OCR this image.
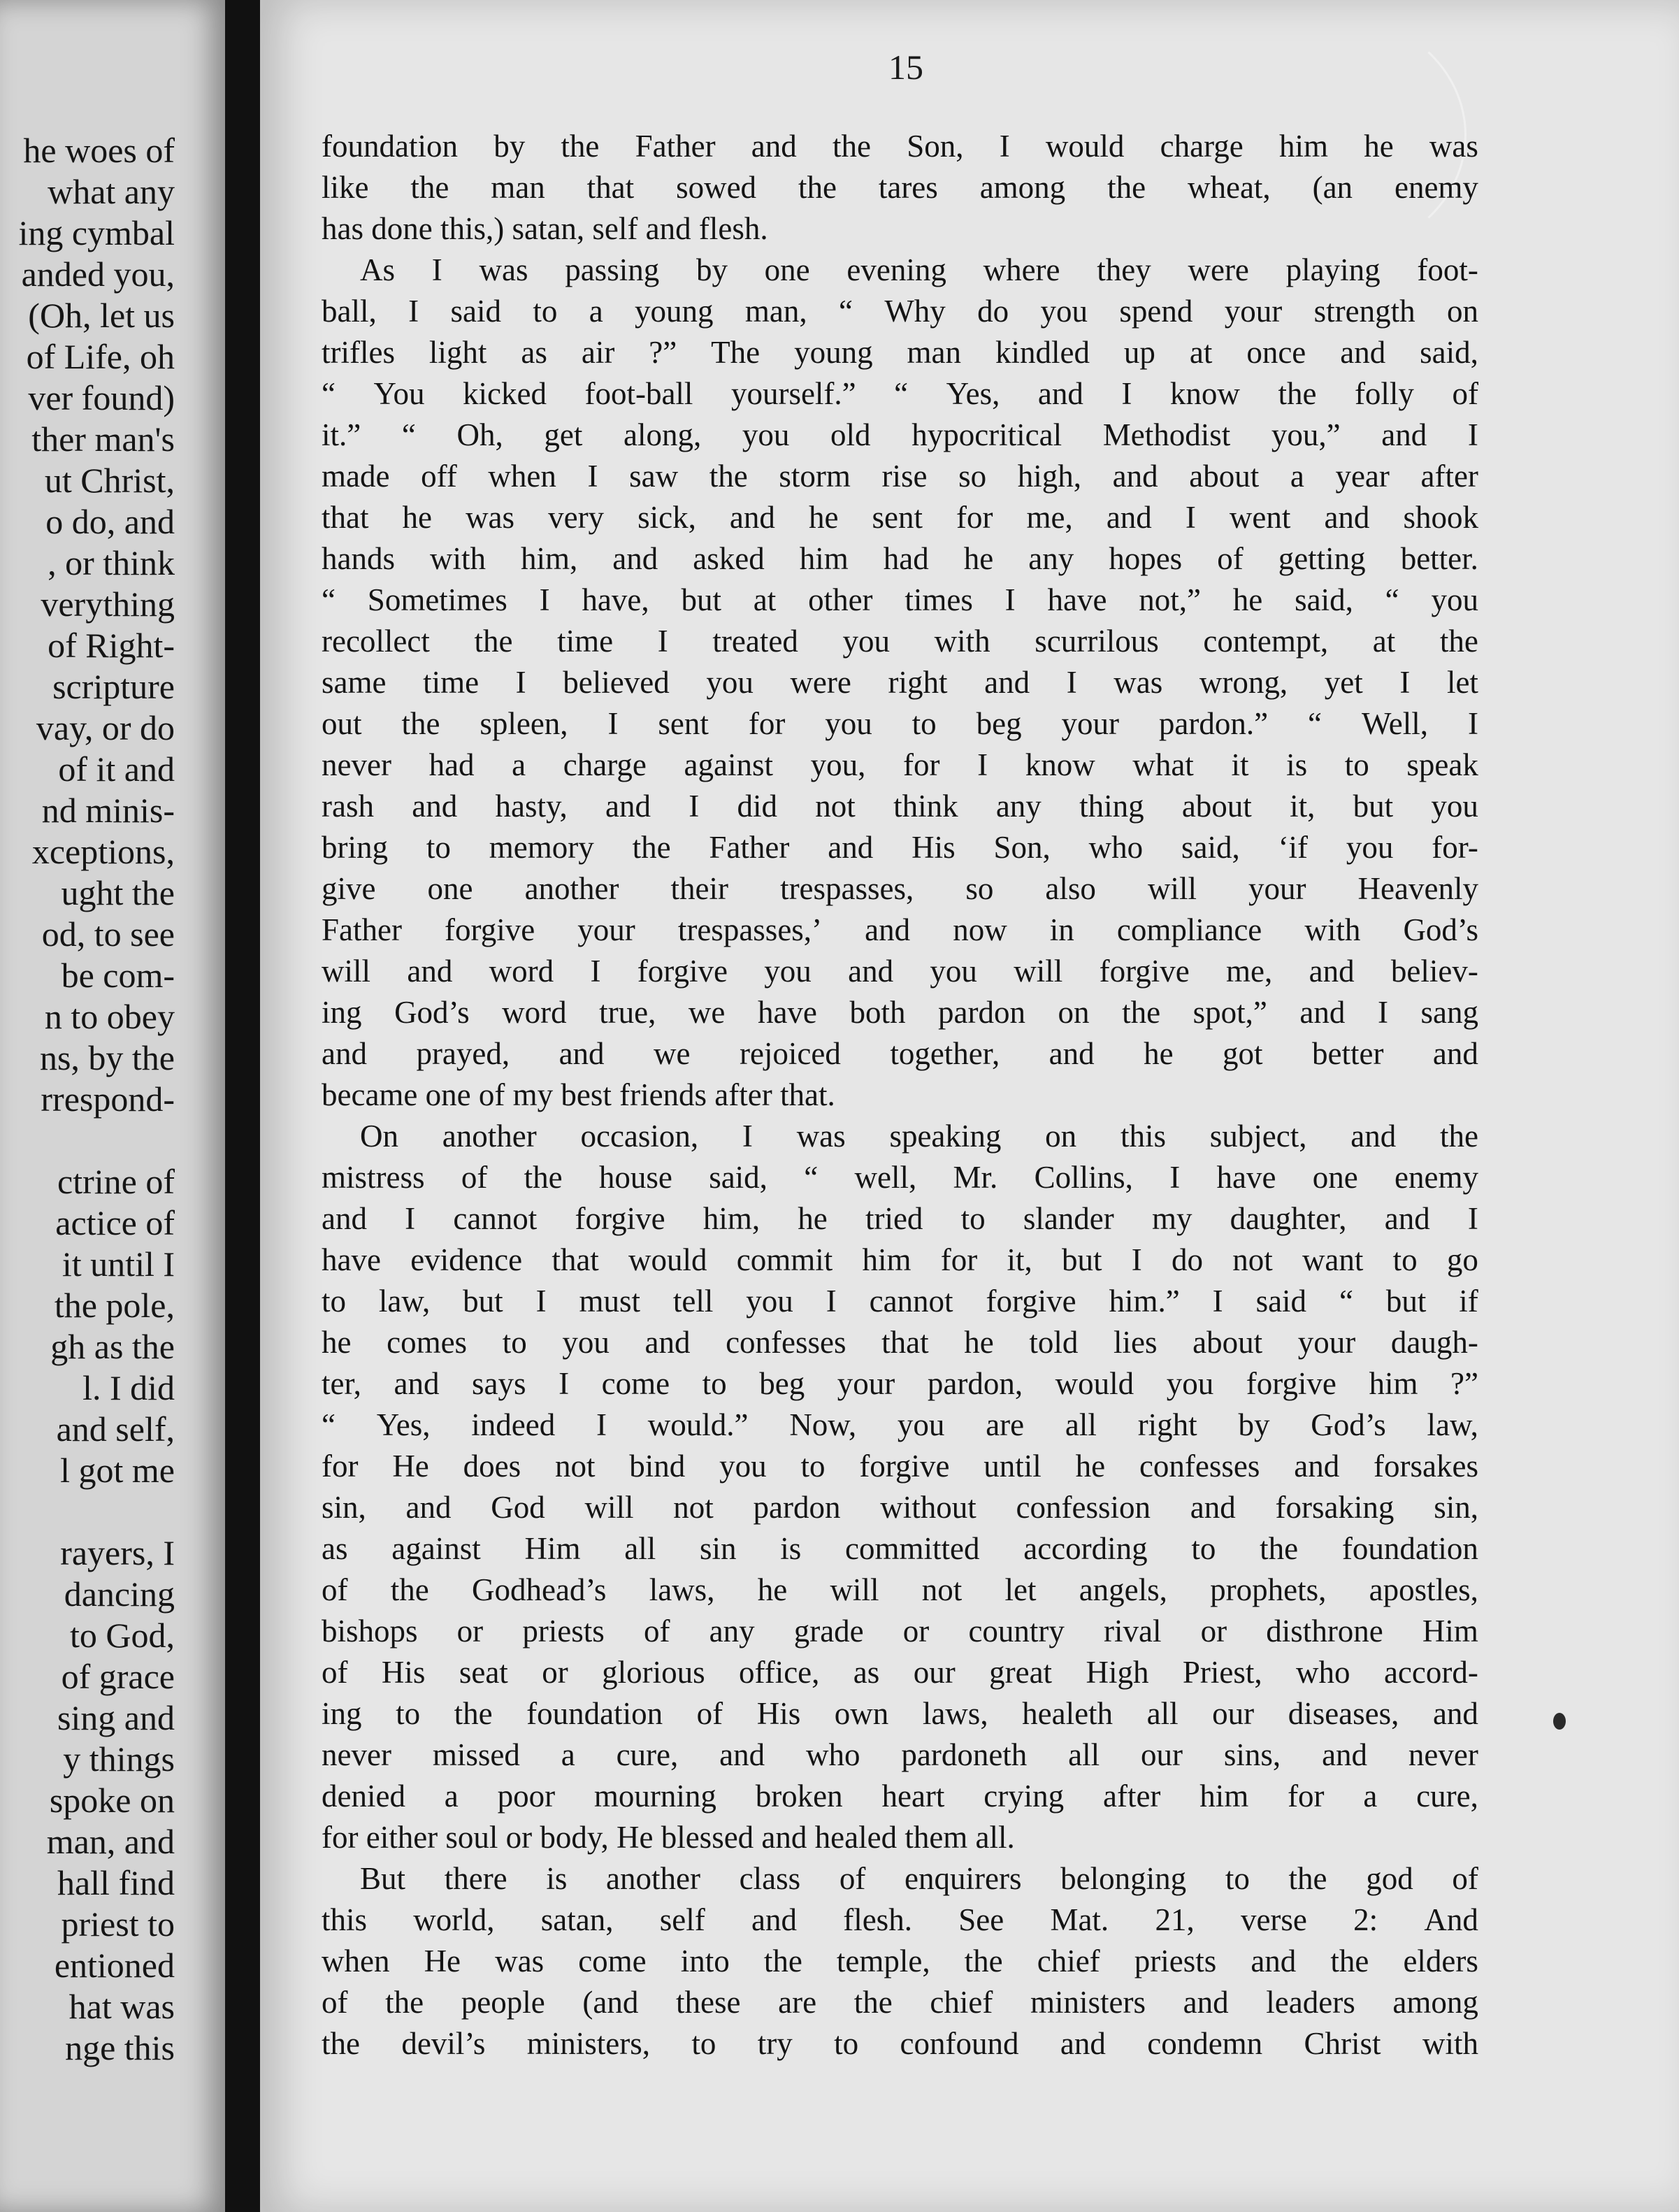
he woes of
what any
ing cymbal
anded you,
(Oh, let us
of Life, oh
ver found)
ther man's
ut Christ,
o do, and
, or think
verything
of Right-
scripture
vay, or do
of it and
nd minis-
xceptions,
ught the
od, to see
be com-
n to obey
ns, by the
rrespond-
ctrine of
actice of
it until I
the pole,
gh as the
l. I did
and self,
l got me
rayers, I
dancing
to God,
of grace
sing and
y things
spoke on
man, and
hall find
priest to
entioned
hat was
nge this
15
foundation by the Father and the Son, I would charge him he was
like the man that sowed the tares among the wheat, (an enemy
has done this,) satan, self and flesh.
As I was passing by one evening where they were playing foot-
ball, I said to a young man, “ Why do you spend your strength on
trifles light as air ?” The young man kindled up at once and said,
“ You kicked foot-ball yourself.” “ Yes, and I know the folly of
it.” “ Oh, get along, you old hypocritical Methodist you,” and I
made off when I saw the storm rise so high, and about a year after
that he was very sick, and he sent for me, and I went and shook
hands with him, and asked him had he any hopes of getting better.
“ Sometimes I have, but at other times I have not,” he said, “ you
recollect the time I treated you with scurrilous contempt, at the
same time I believed you were right and I was wrong, yet I let
out the spleen, I sent for you to beg your pardon.” “ Well, I
never had a charge against you, for I know what it is to speak
rash and hasty, and I did not think any thing about it, but you
bring to memory the Father and His Son, who said, ‘if you for-
give one another their trespasses, so also will your Heavenly
Father forgive your trespasses,’ and now in compliance with God’s
will and word I forgive you and you will forgive me, and believ-
ing God’s word true, we have both pardon on the spot,” and I sang
and prayed, and we rejoiced together, and he got better and
became one of my best friends after that.
On another occasion, I was speaking on this subject, and the
mistress of the house said, “ well, Mr. Collins, I have one enemy
and I cannot forgive him, he tried to slander my daughter, and I
have evidence that would commit him for it, but I do not want to go
to law, but I must tell you I cannot forgive him.” I said “ but if
he comes to you and confesses that he told lies about your daugh-
ter, and says I come to beg your pardon, would you forgive him ?”
“ Yes, indeed I would.” Now, you are all right by God’s law,
for He does not bind you to forgive until he confesses and forsakes
sin, and God will not pardon without confession and forsaking sin,
as against Him all sin is committed according to the foundation
of the Godhead’s laws, he will not let angels, prophets, apostles,
bishops or priests of any grade or country rival or disthrone Him
of His seat or glorious office, as our great High Priest, who accord-
ing to the foundation of His own laws, healeth all our diseases, and
never missed a cure, and who pardoneth all our sins, and never
denied a poor mourning broken heart crying after him for a cure,
for either soul or body, He blessed and healed them all.
But there is another class of enquirers belonging to the god of
this world, satan, self and flesh. See Mat. 21, verse 2: And
when He was come into the temple, the chief priests and the elders
of the people (and these are the chief ministers and leaders among
the devil’s ministers, to try to confound and condemn Christ with
